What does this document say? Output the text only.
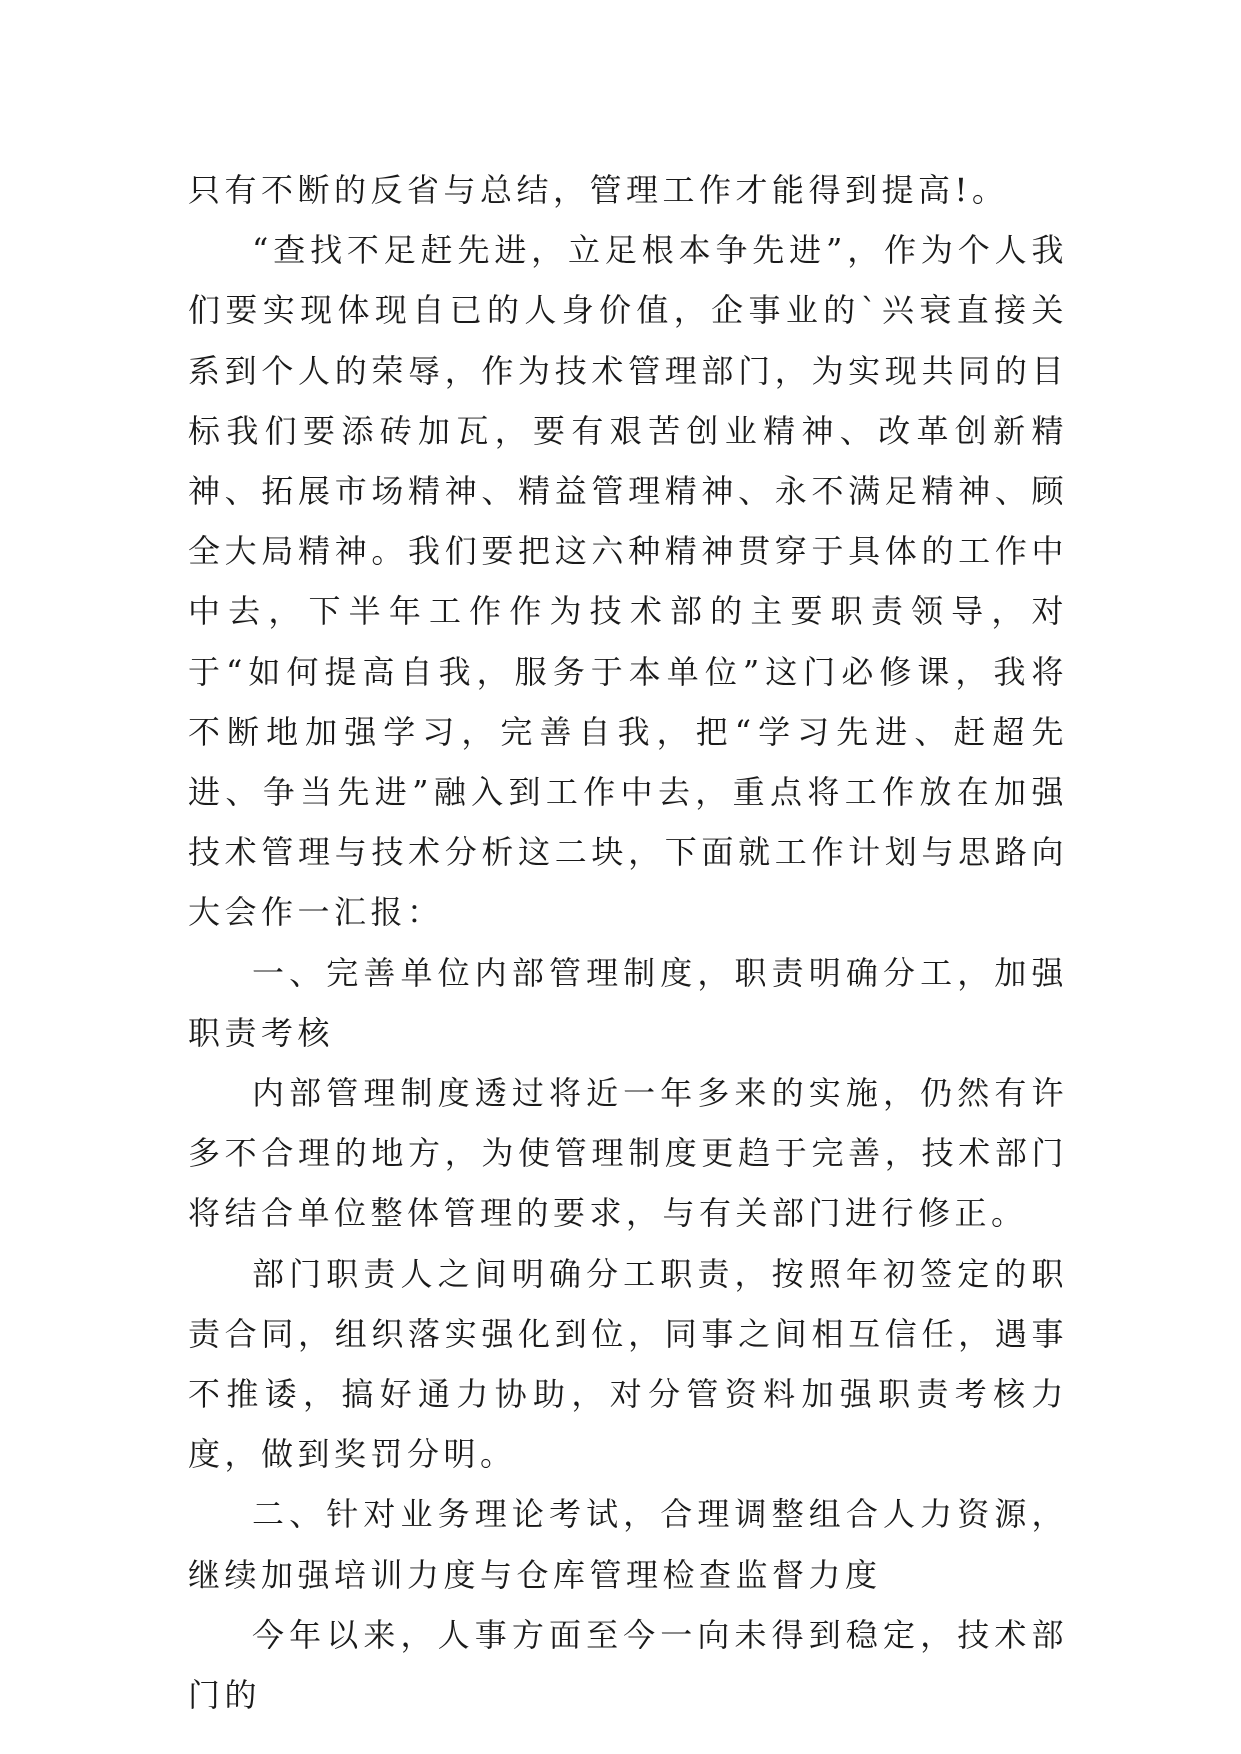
只有不断的反省与总结，管理工作才能得到提高!。

“查找不足赶先进，立足根本争先进”，作为个人我们要实现体现自已的人身价值，企事业的`兴衰直接关系到个人的荣辱，作为技术管理部门，为实现共同的目标我们要添砖加瓦，要有艰苦创业精神、改革创新精神、拓展市场精神、精益管理精神、永不满足精神、顾全大局精神。我们要把这六种精神贯穿于具体的工作中中去，下半年工作作为技术部的主要职责领导，对于“如何提高自我，服务于本单位”这门必修课，我将不断地加强学习，完善自我，把“学习先进、赶超先进、争当先进”融入到工作中去，重点将工作放在加强技术管理与技术分析这二块，下面就工作计划与思路向大会作一汇报：

一、完善单位内部管理制度，职责明确分工，加强职责考核

内部管理制度透过将近一年多来的实施，仍然有许多不合理的地方，为使管理制度更趋于完善，技术部门将结合单位整体管理的要求，与有关部门进行修正。

部门职责人之间明确分工职责，按照年初签定的职责合同，组织落实强化到位，同事之间相互信任，遇事不推诿，搞好通力协助，对分管资料加强职责考核力度，做到奖罚分明。

二、针对业务理论考试，合理调整组合人力资源，继续加强培训力度与仓库管理检查监督力度

今年以来，人事方面至今一向未得到稳定，技术部门的
